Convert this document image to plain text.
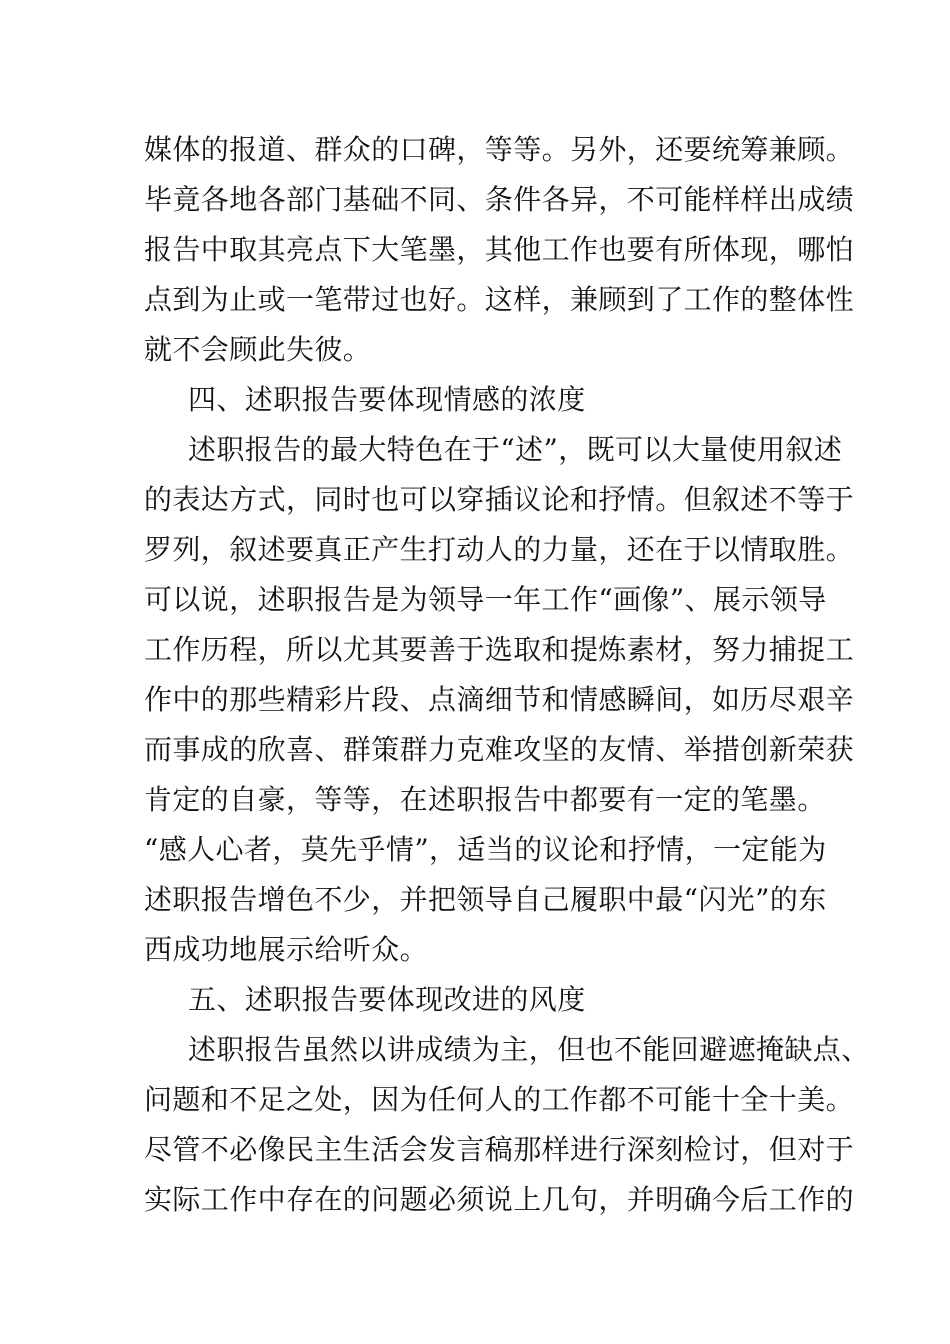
媒体的报道、群众的口碑，等等。另外，还要统筹兼顾。
毕竟各地各部门基础不同、条件各异，不可能样样出成绩
报告中取其亮点下大笔墨，其他工作也要有所体现，哪怕
点到为止或一笔带过也好。这样，兼顾到了工作的整体性
就不会顾此失彼。
四、述职报告要体现情感的浓度
述职报告的最大特色在于“述”，既可以大量使用叙述
的表达方式，同时也可以穿插议论和抒情。但叙述不等于
罗列，叙述要真正产生打动人的力量，还在于以情取胜。
可以说，述职报告是为领导一年工作“画像”、展示领导
工作历程，所以尤其要善于选取和提炼素材，努力捕捉工
作中的那些精彩片段、点滴细节和情感瞬间，如历尽艰辛
而事成的欣喜、群策群力克难攻坚的友情、举措创新荣获
肯定的自豪，等等，在述职报告中都要有一定的笔墨。
“感人心者，莫先乎情”，适当的议论和抒情，一定能为
述职报告增色不少，并把领导自己履职中最“闪光”的东
西成功地展示给听众。
五、述职报告要体现改进的风度
述职报告虽然以讲成绩为主，但也不能回避遮掩缺点、
问题和不足之处，因为任何人的工作都不可能十全十美。
尽管不必像民主生活会发言稿那样进行深刻检讨，但对于
实际工作中存在的问题必须说上几句，并明确今后工作的
